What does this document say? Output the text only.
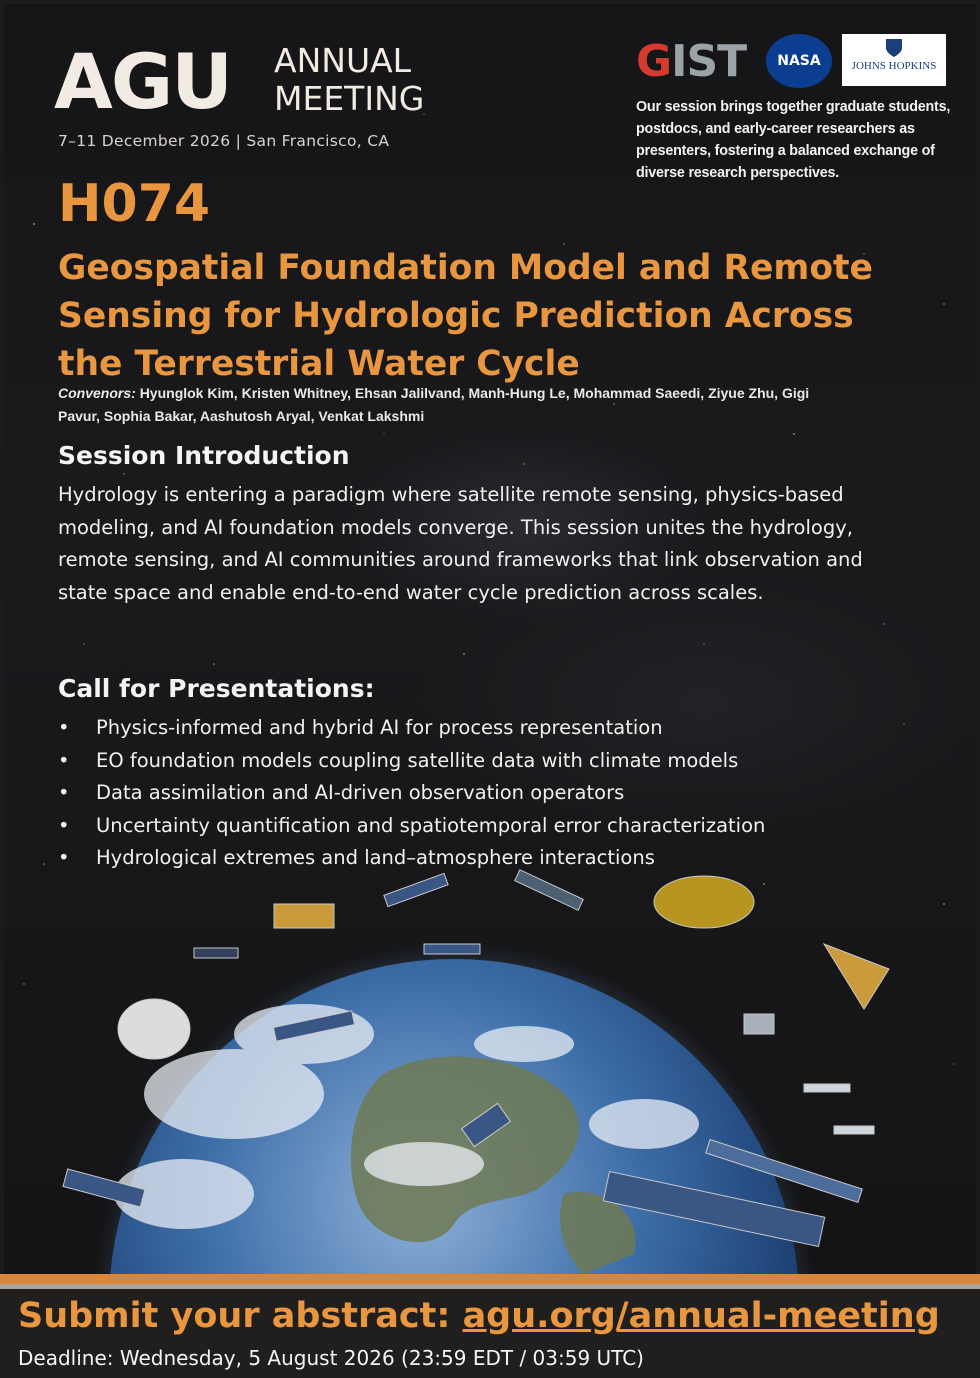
AGU ANNUAL
MEETING
7–11 December 2026 | San Francisco, CA
GIST	NASA	JOHNS HOPKINS
Our session brings together graduate students, postdocs, and early-career researchers as presenters, fostering a balanced exchange of diverse research perspectives.
H074
Geospatial Foundation Model and Remote Sensing for Hydrologic Prediction Across the Terrestrial Water Cycle
Convenors: Hyunglok Kim, Kristen Whitney, Ehsan Jalilvand, Manh-Hung Le, Mohammad Saeedi, Ziyue Zhu, Gigi Pavur, Sophia Bakar, Aashutosh Aryal, Venkat Lakshmi
Session Introduction
Hydrology is entering a paradigm where satellite remote sensing, physics-based modeling, and AI foundation models converge. This session unites the hydrology, remote sensing, and AI communities around frameworks that link observation and state space and enable end-to-end water cycle prediction across scales.
Call for Presentations:
• Physics-informed and hybrid AI for process representation
• EO foundation models coupling satellite data with climate models
• Data assimilation and AI-driven observation operators
• Uncertainty quantification and spatiotemporal error characterization
• Hydrological extremes and land–atmosphere interactions
Submit your abstract: agu.org/annual-meeting
Deadline: Wednesday, 5 August 2026 (23:59 EDT / 03:59 UTC)
